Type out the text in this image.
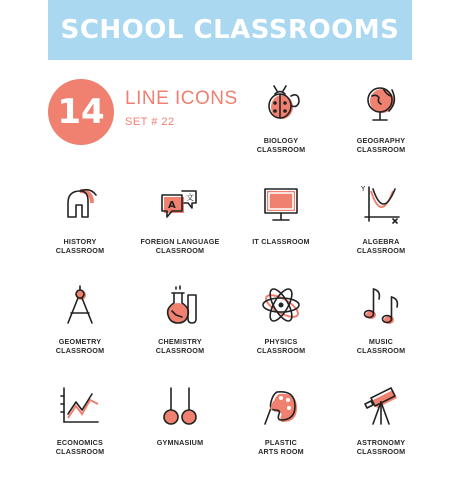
SCHOOL CLASSROOMS
14 LINE ICONS
SET # 22
BIOLOGY
CLASSROOM
GEOGRAPHY
CLASSROOM
HISTORY
CLASSROOM
A
文
FOREIGN LANGUAGE
CLASSROOM
IT CLASSROOM
Y
ALGEBRA
CLASSROOM
GEOMETRY
CLASSROOM
CHEMISTRY
CLASSROOM
PHYSICS
CLASSROOM
MUSIC
CLASSROOM
ECONOMICS
CLASSROOM
GYMNASIUM	PLASTIC
ARTS ROOM
ASTRONOMY
CLASSROOM
